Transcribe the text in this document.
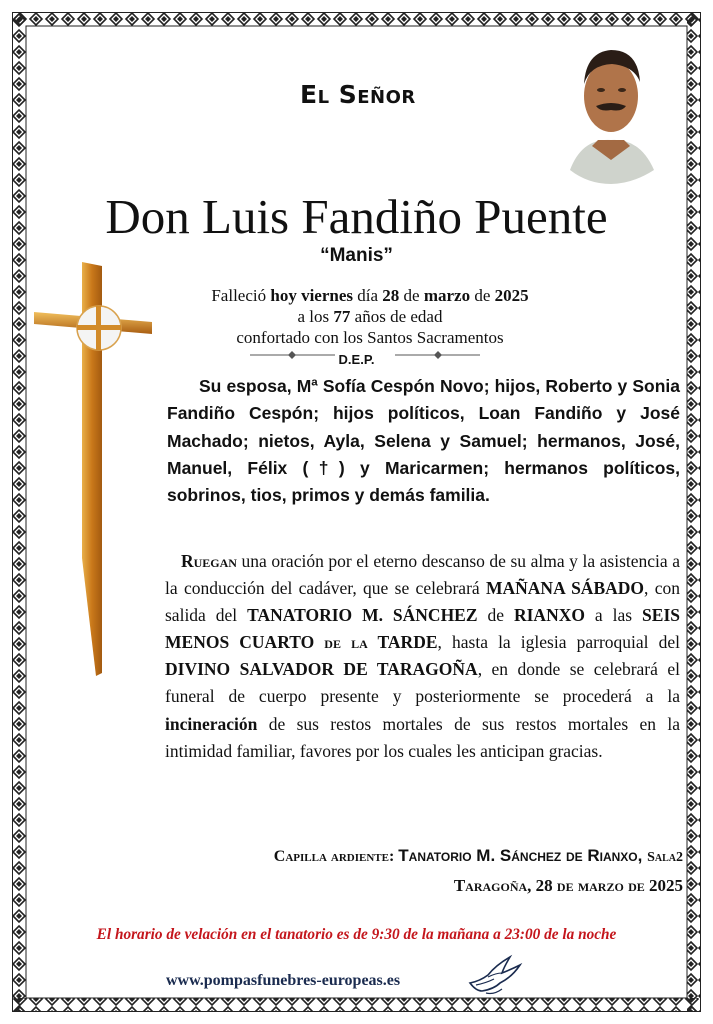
El Señor
Don Luis Fandiño Puente
“Manis”
Falleció hoy viernes día 28 de marzo de 2025
a los 77 años de edad
confortado con los Santos Sacramentos
D.E.P.

Su esposa, Mª Sofía Cespón Novo; hijos, Roberto y Sonia Fandiño Cespón; hijos políticos, Loan Fandiño y José Machado; nietos, Ayla, Selena y Samuel; hermanos, José, Manuel, Félix (†) y Maricarmen; hermanos políticos, sobrinos, tios, primos y demás familia.

Ruegan una oración por el eterno descanso de su alma y la asistencia a la conducción del cadáver, que se celebrará MAÑANA SÁBADO, con salida del TANATORIO M. SÁNCHEZ de RIANXO a las SEIS MENOS CUARTO de la TARDE, hasta la iglesia parroquial del DIVINO SALVADOR DE TARAGOÑA, en donde se celebrará el funeral de cuerpo presente y posteriormente se procederá a la incineración de sus restos mortales de sus restos mortales en la intimidad familiar, favores por los cuales les anticipan gracias.

Capilla ardiente: Tanatorio M. Sánchez de Rianxo, Sala2
Taragoña, 28 de marzo de 2025
El horario de velación en el tanatorio es de 9:30 de la mañana a 23:00 de la noche
www.pompasfunebres-europeas.es
